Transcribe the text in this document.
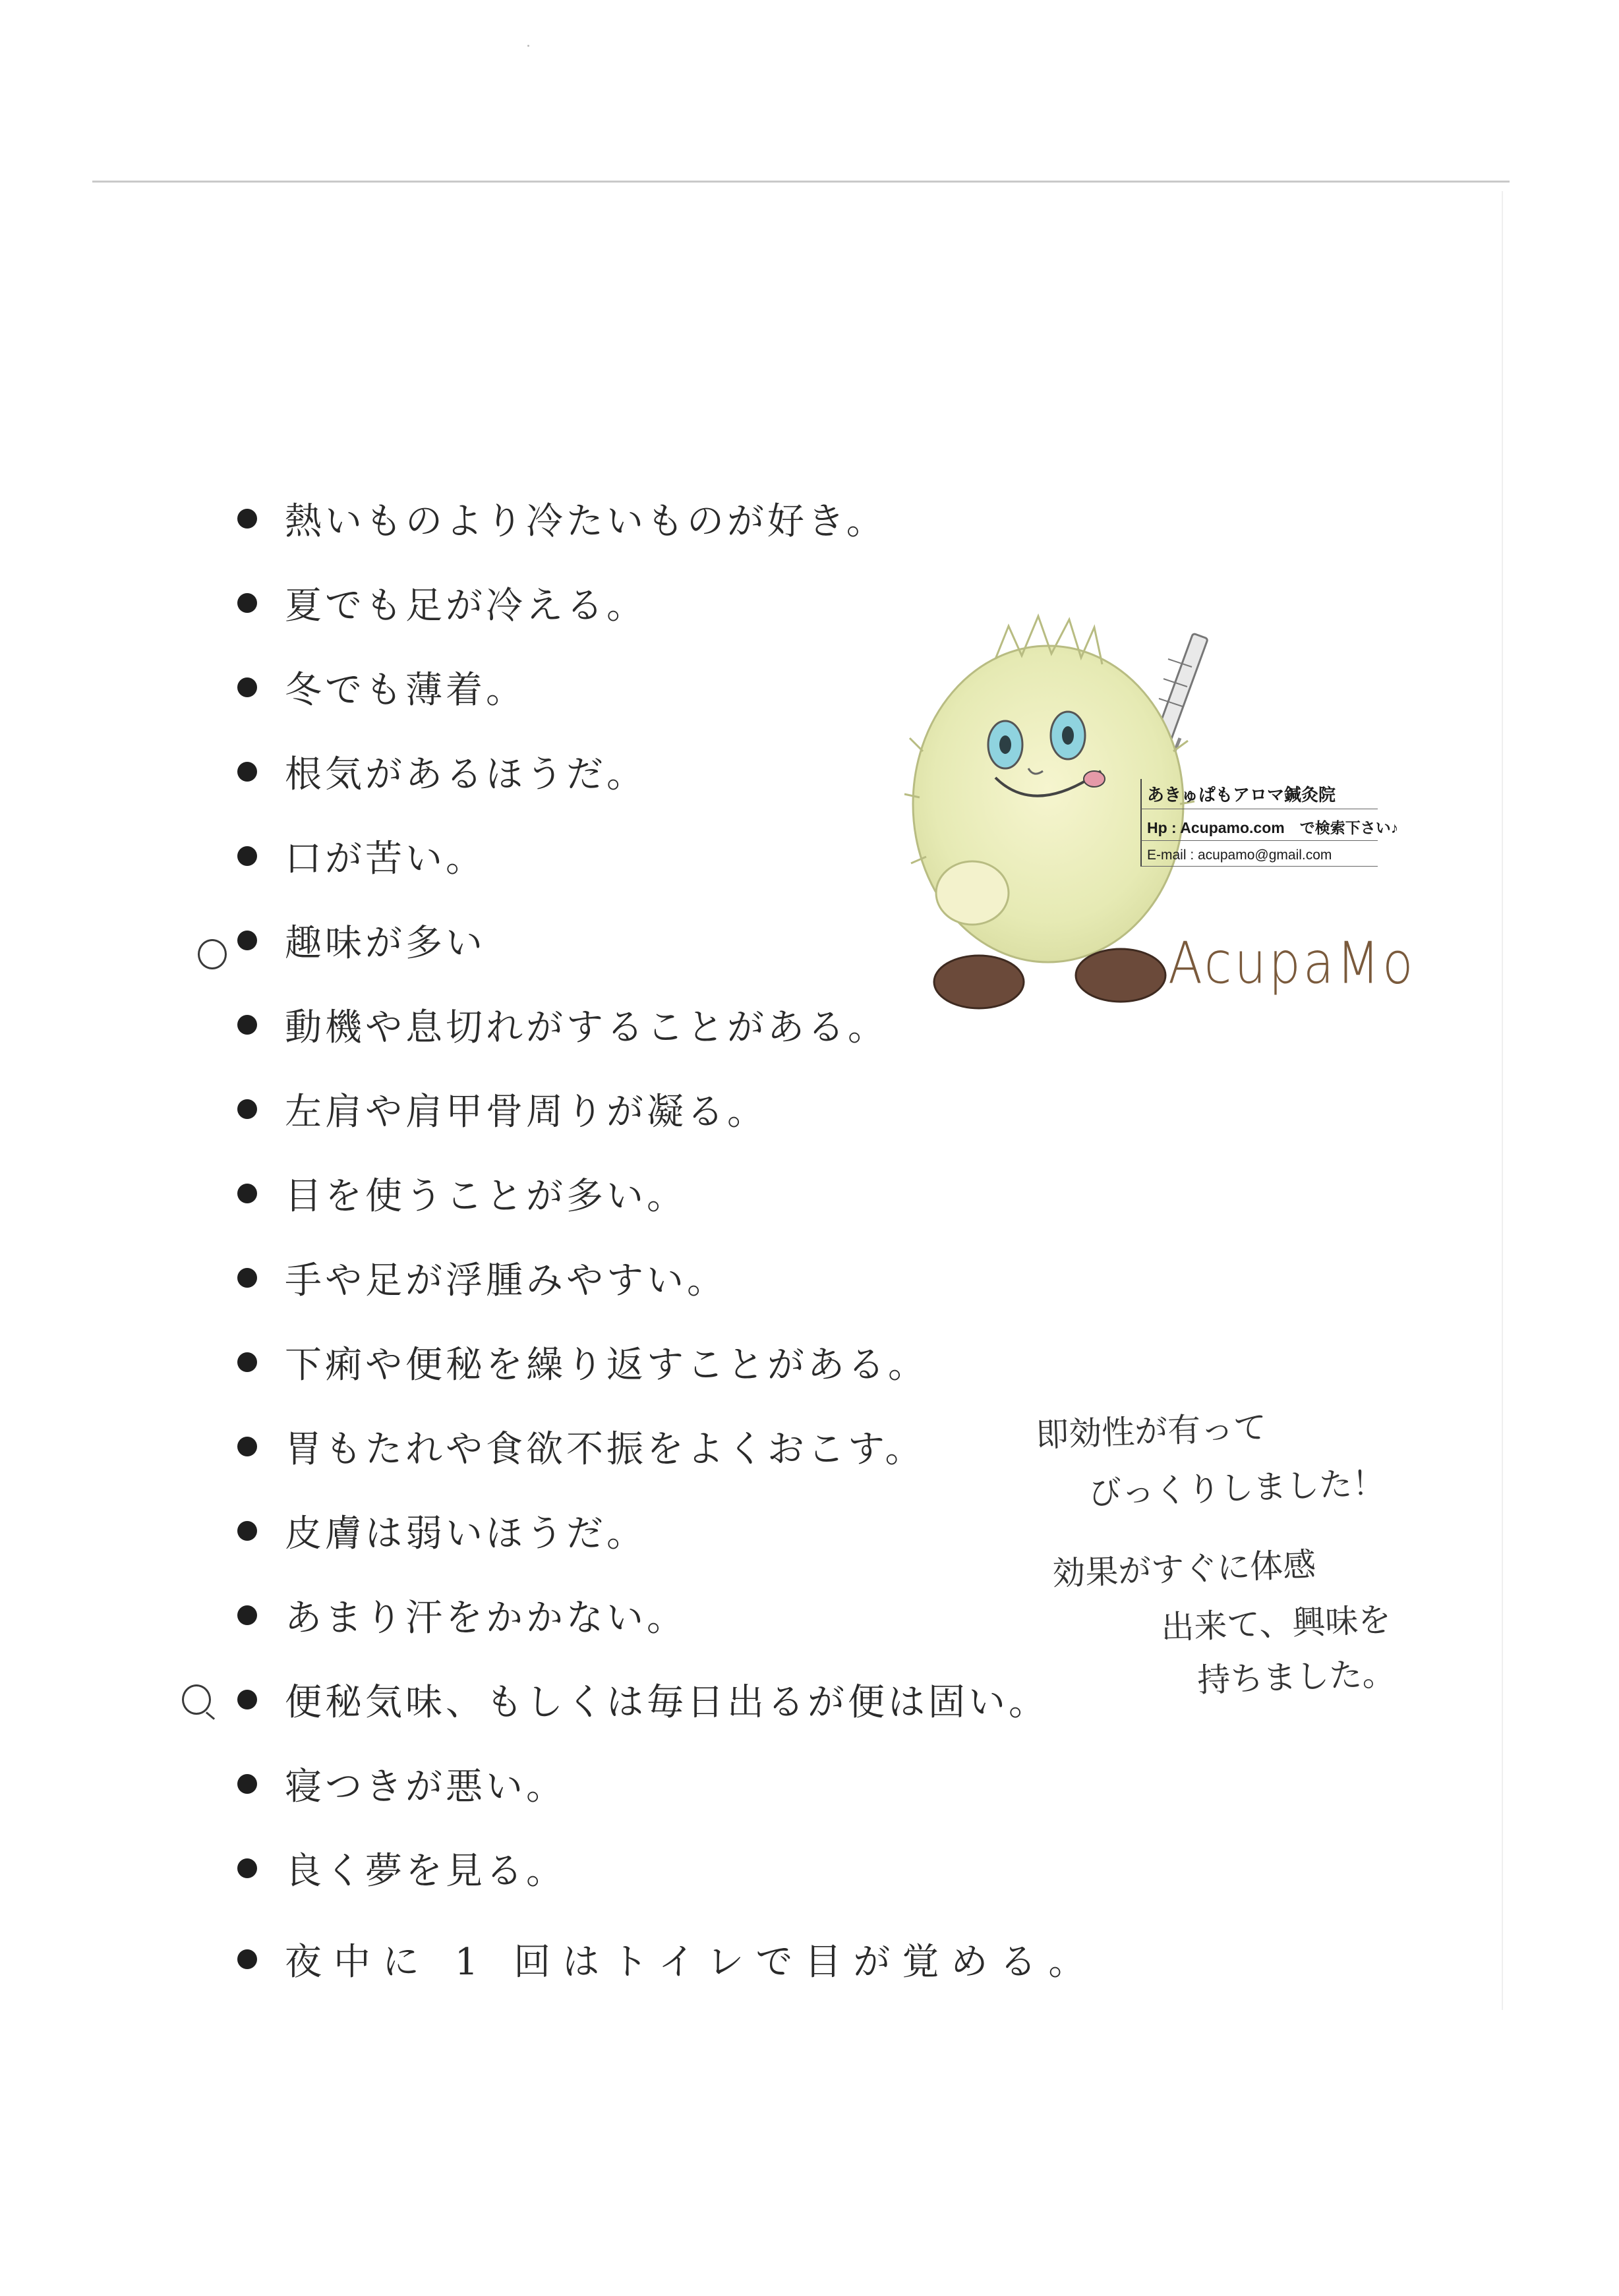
熱いものより冷たいものが好き。
夏でも足が冷える。
冬でも薄着。
根気があるほうだ。
口が苦い。
趣味が多い
動機や息切れがすることがある。
左肩や肩甲骨周りが凝る。
目を使うことが多い。
手や足が浮腫みやすい。
下痢や便秘を繰り返すことがある。
胃もたれや食欲不振をよくおこす。
皮膚は弱いほうだ。
あまり汗をかかない。
便秘気味、もしくは毎日出るが便は固い。
寝つきが悪い。
良く夢を見る。
夜中に 1 回はトイレで目が覚める。
あきゅぱもアロマ鍼灸院
Hp : Acupamo.com　で検索下さい♪
E-mail : acupamo@gmail.com
AcupaMo
即効性が有って
びっくりしました！
効果がすぐに体感
出来て、興味を
持ちました。
